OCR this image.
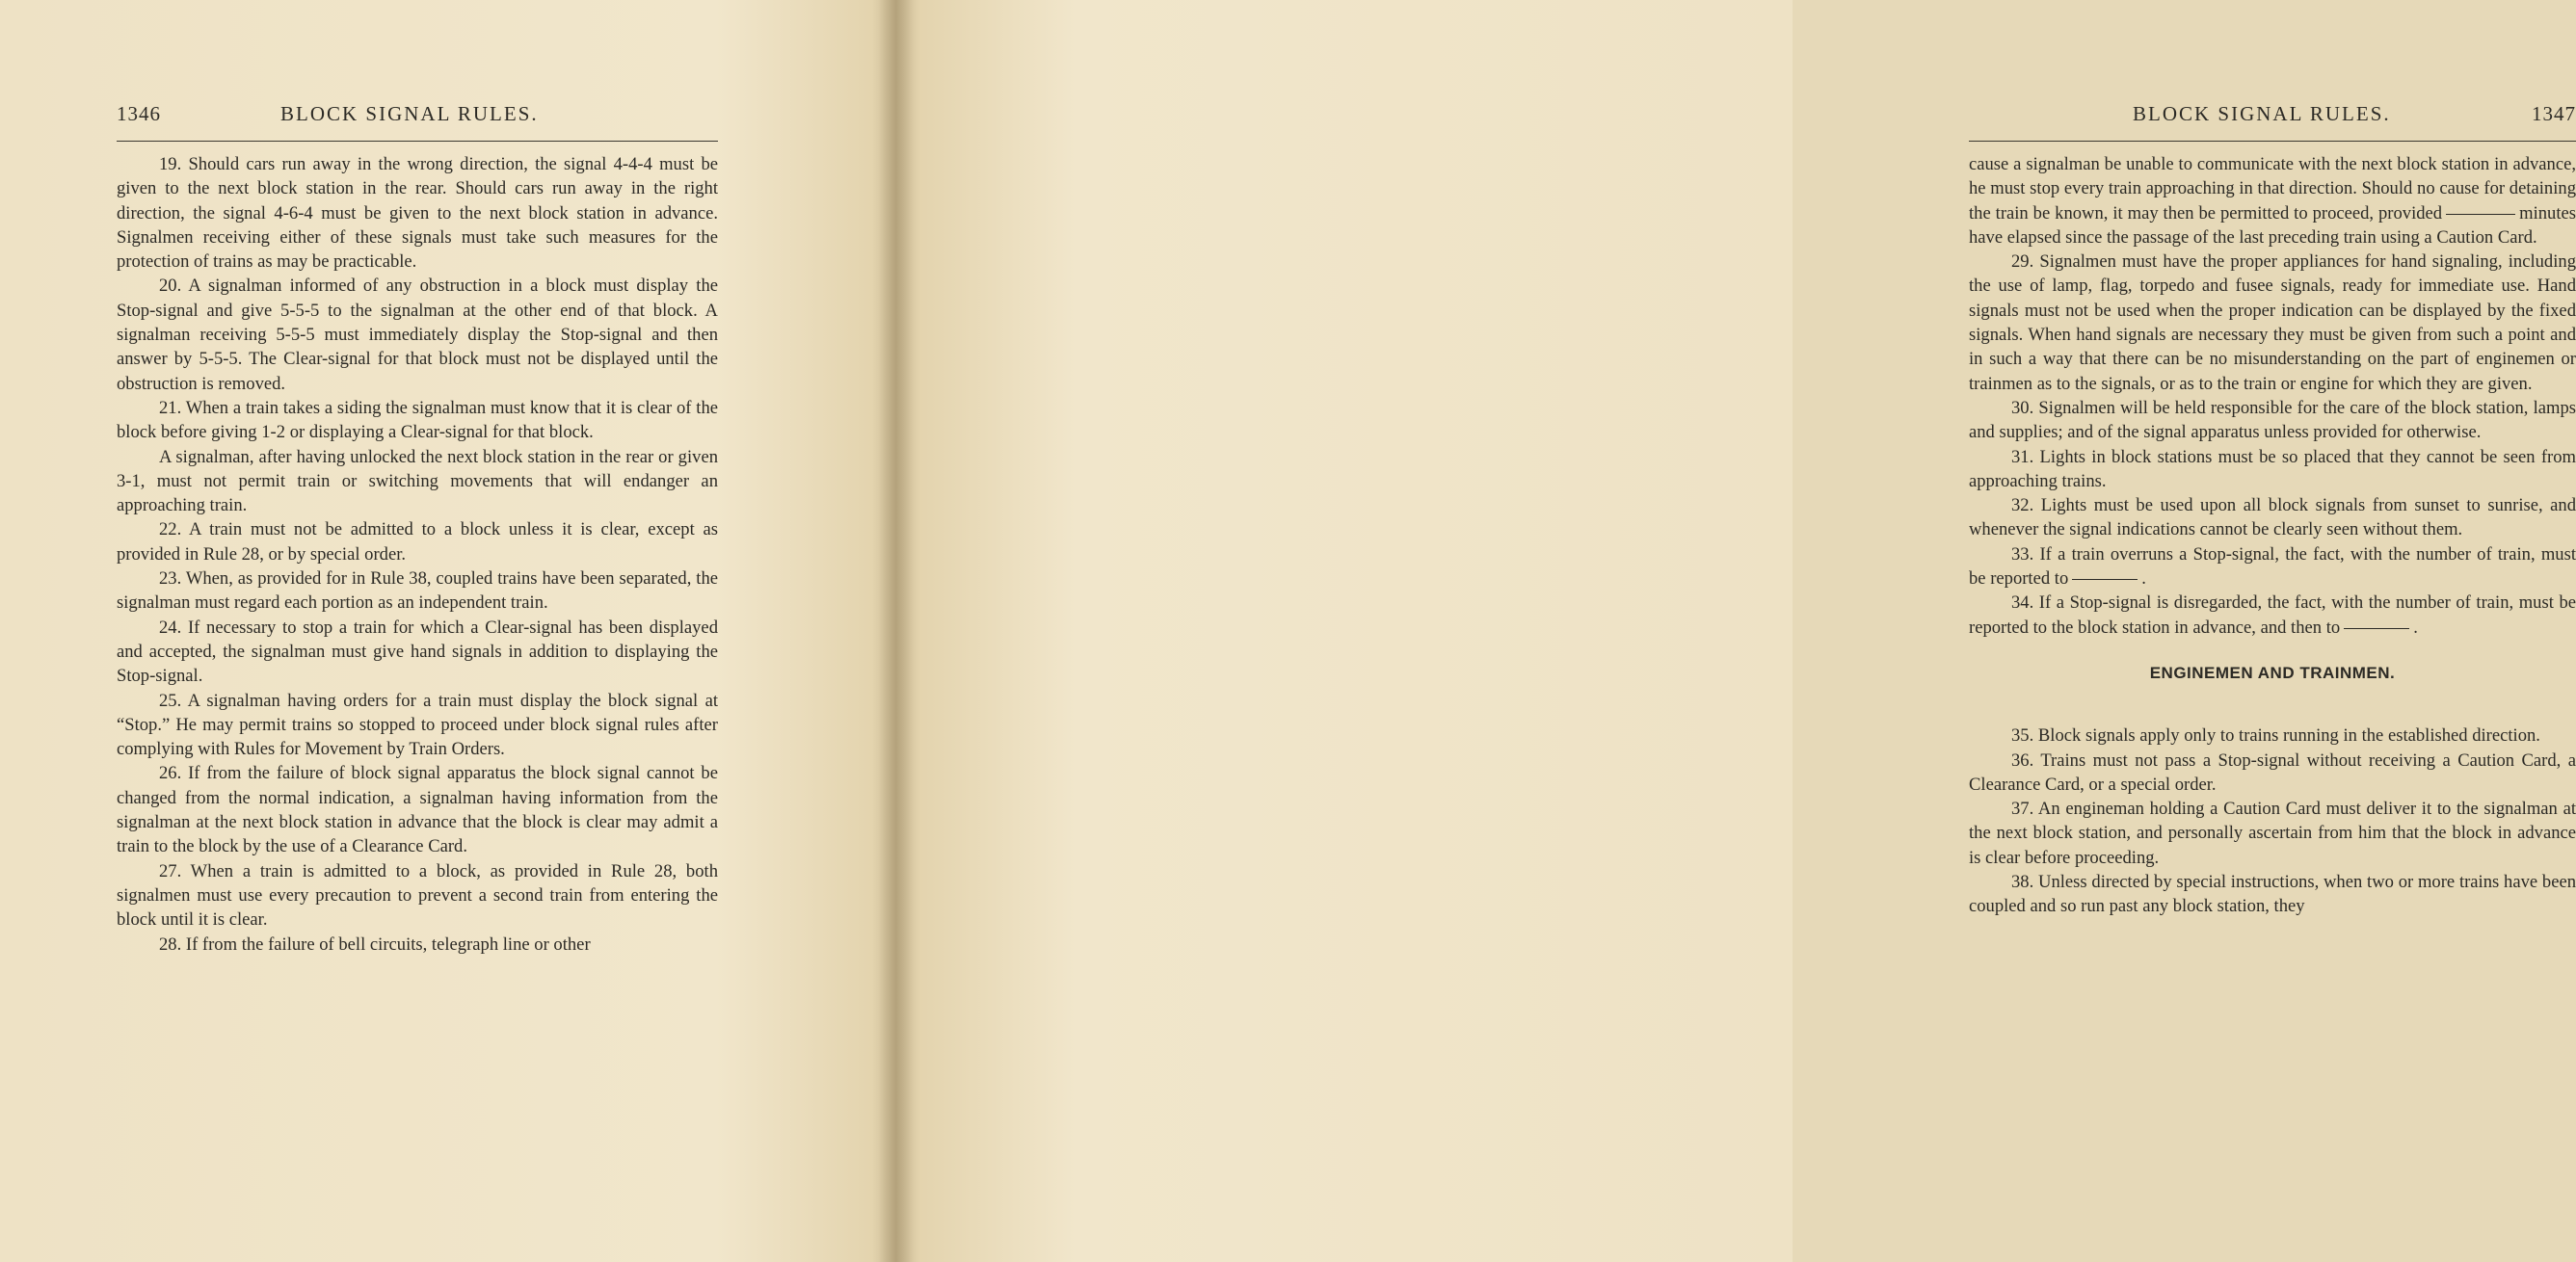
1346	BLOCK SIGNAL RULES.

19. Should cars run away in the wrong direction, the signal 4-4-4 must be given to the next block station in the rear. Should cars run away in the right direction, the signal 4-6-4 must be given to the next block station in advance. Signalmen receiving either of these signals must take such measures for the protection of trains as may be practicable.

20. A signalman informed of any obstruction in a block must display the Stop-signal and give 5-5-5 to the signalman at the other end of that block. A signalman receiving 5-5-5 must immediately display the Stop-signal and then answer by 5-5-5. The Clear-signal for that block must not be displayed until the obstruction is removed.

21. When a train takes a siding the signalman must know that it is clear of the block before giving 1-2 or displaying a Clear-signal for that block.

A signalman, after having unlocked the next block station in the rear or given 3-1, must not permit train or switching movements that will endanger an approaching train.

22. A train must not be admitted to a block unless it is clear, except as provided in Rule 28, or by special order.

23. When, as provided for in Rule 38, coupled trains have been separated, the signalman must regard each portion as an independent train.

24. If necessary to stop a train for which a Clear-signal has been displayed and accepted, the signalman must give hand signals in addition to displaying the Stop-signal.

25. A signalman having orders for a train must display the block signal at “Stop.” He may permit trains so stopped to proceed under block signal rules after complying with Rules for Movement by Train Orders.

26. If from the failure of block signal apparatus the block signal cannot be changed from the normal indication, a signalman having information from the signalman at the next block station in advance that the block is clear may admit a train to the block by the use of a Clearance Card.

27. When a train is admitted to a block, as provided in Rule 28, both signalmen must use every precaution to prevent a second train from entering the block until it is clear.

28. If from the failure of bell circuits, telegraph line or other

BLOCK SIGNAL RULES.	1347

cause a signalman be unable to communicate with the next block station in advance, he must stop every train approaching in that direction. Should no cause for detaining the train be known, it may then be permitted to proceed, provided	minutes have elapsed since the passage of the last preceding train using a Caution Card.

29. Signalmen must have the proper appliances for hand signaling, including the use of lamp, flag, torpedo and fusee signals, ready for immediate use. Hand signals must not be used when the proper indication can be displayed by the fixed signals. When hand signals are necessary they must be given from such a point and in such a way that there can be no misunderstanding on the part of enginemen or trainmen as to the signals, or as to the train or engine for which they are given.

30. Signalmen will be held responsible for the care of the block station, lamps and supplies; and of the signal apparatus unless provided for otherwise.

31. Lights in block stations must be so placed that they cannot be seen from approaching trains.

32. Lights must be used upon all block signals from sunset to sunrise, and whenever the signal indications cannot be clearly seen without them.

33. If a train overruns a Stop-signal, the fact, with the number of train, must be reported to	.

34. If a Stop-signal is disregarded, the fact, with the number of train, must be reported to the block station in advance, and then to	.

ENGINEMEN AND TRAINMEN.

35. Block signals apply only to trains running in the established direction.

36. Trains must not pass a Stop-signal without receiving a Caution Card, a Clearance Card, or a special order.

37. An engineman holding a Caution Card must deliver it to the signalman at the next block station, and personally ascertain from him that the block in advance is clear before proceeding.

38. Unless directed by special instructions, when two or more trains have been coupled and so run past any block station, they
